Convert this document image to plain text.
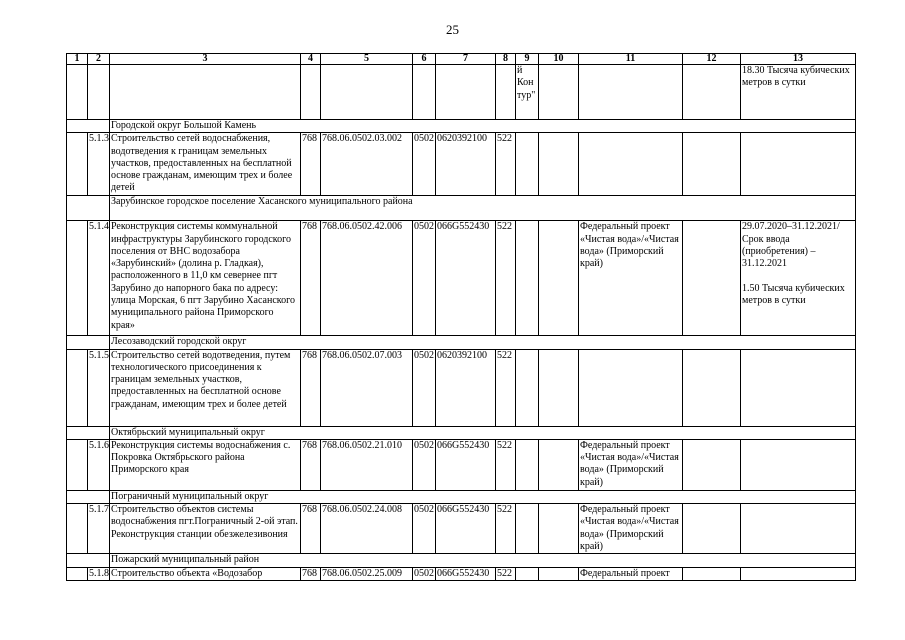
25
1	2	3	4	5	6	7	8	9	10	11	12	13
								й Кон тур"				18.30 Тысяча кубических метров в сутки
		Городской округ Большой Камень										
	5.1.3	Строительство сетей водоснабжения, водотведения к границам земельных участков, предоставленных на бесплатной основе гражданам, имеющим трех и более детей	768	768.06.0502.03.002	0502	0620392100	522					
		Зарубинское городское поселение Хасанского муниципального района										
	5.1.4	Реконструкция системы коммунальной инфраструктуры Зарубинского городского поселения от ВНС водозабора «Зарубинский» (долина р. Гладкая), расположенного в 11,0 км севернее пгт Зарубино до напорного бака по адресу: улица Морская, 6 пгт Зарубино Хасанского муниципального района Приморского края»	768	768.06.0502.42.006	0502	066G552430	522			Федеральный проект «Чистая вода»/«Чистая вода» (Приморский край)		29.07.2020–31.12.2021/ Срок ввода (приобретения) – 31.12.2021

1.50 Тысяча кубических метров в сутки
		Лесозаводский городской округ										
	5.1.5	Строительство сетей водотведения, путем технологического присоединения к границам земельных участков, предоставленных на бесплатной основе гражданам, имеющим трех и более детей	768	768.06.0502.07.003	0502	0620392100	522					
		Октябрьский муниципальный округ										
	5.1.6	Реконструкция системы водоснабжения с. Покровка Октябрьского района Приморского края	768	768.06.0502.21.010	0502	066G552430	522			Федеральный проект «Чистая вода»/«Чистая вода» (Приморский край)		
		Пограничный муниципальный округ										
	5.1.7	Строительство объектов системы водоснабжения пгт.Пограничный 2-ой этап. Реконструкция станции обезжелезивония	768	768.06.0502.24.008	0502	066G552430	522			Федеральный проект «Чистая вода»/«Чистая вода» (Приморский край)		
		Пожарский муниципальный район										
	5.1.8	Строительство объекта «Водозабор	768	768.06.0502.25.009	0502	066G552430	522			Федеральный проект		
